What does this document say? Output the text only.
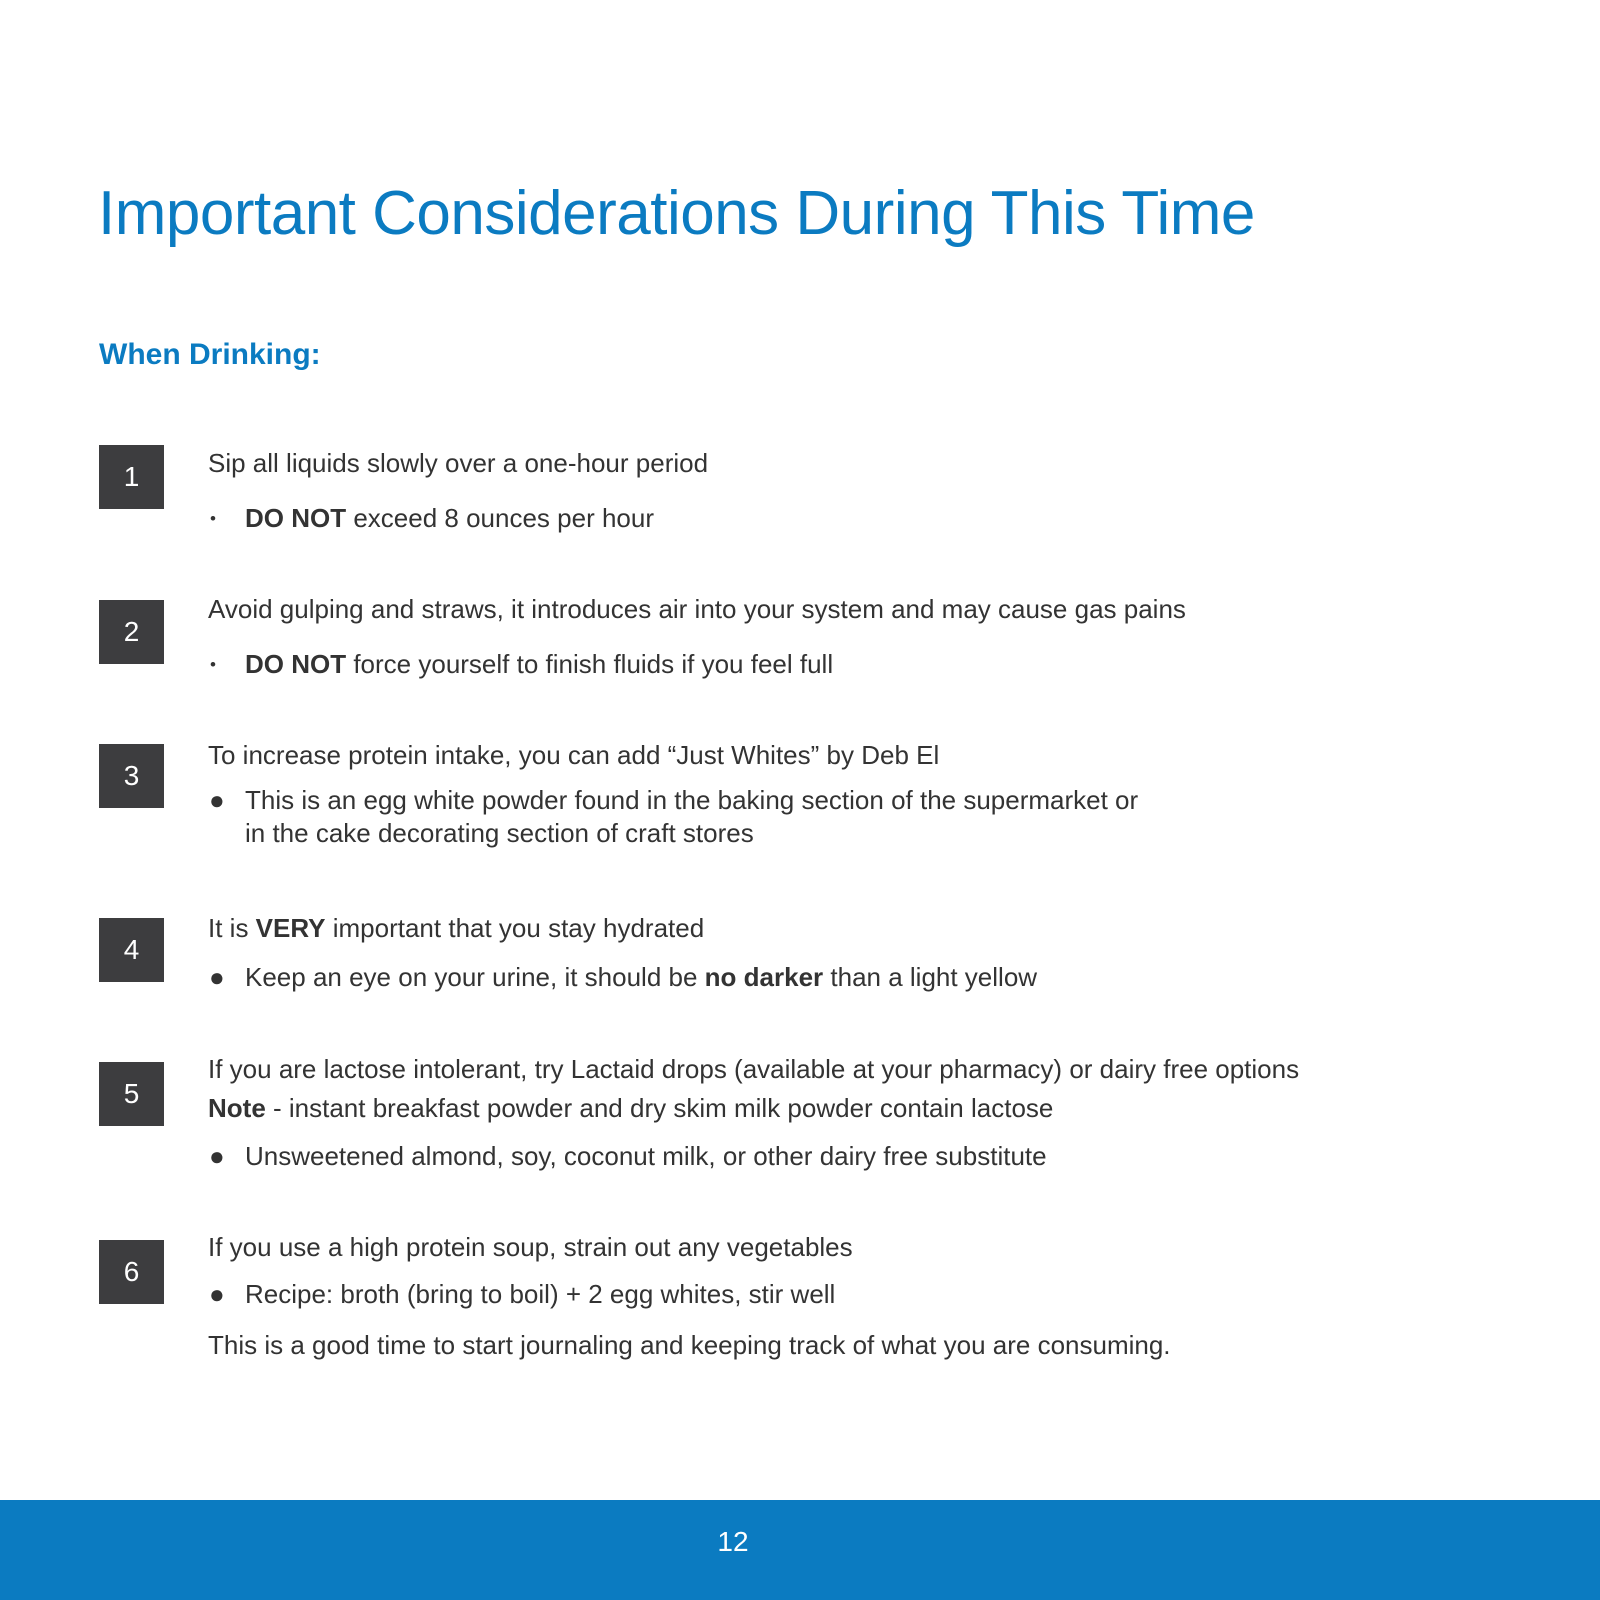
Important Considerations During This Time
When Drinking:
1	Sip all liquids slowly over a one-hour period
• DO NOT exceed 8 ounces per hour
2
Avoid gulping and straws, it introduces air into your system and may cause gas pains
• DO NOT force yourself to finish fluids if you feel full
3
To increase protein intake, you can add “Just Whites” by Deb El
● This is an egg white powder found in the baking section of the supermarket or
in the cake decorating section of craft stores
4
It is VERY important that you stay hydrated
● Keep an eye on your urine, it should be no darker than a light yellow
5
If you are lactose intolerant, try Lactaid drops (available at your pharmacy) or dairy free options
Note - instant breakfast powder and dry skim milk powder contain lactose
● Unsweetened almond, soy, coconut milk, or other dairy free substitute
6
If you use a high protein soup, strain out any vegetables
● Recipe: broth (bring to boil) + 2 egg whites, stir well
This is a good time to start journaling and keeping track of what you are consuming.
12
